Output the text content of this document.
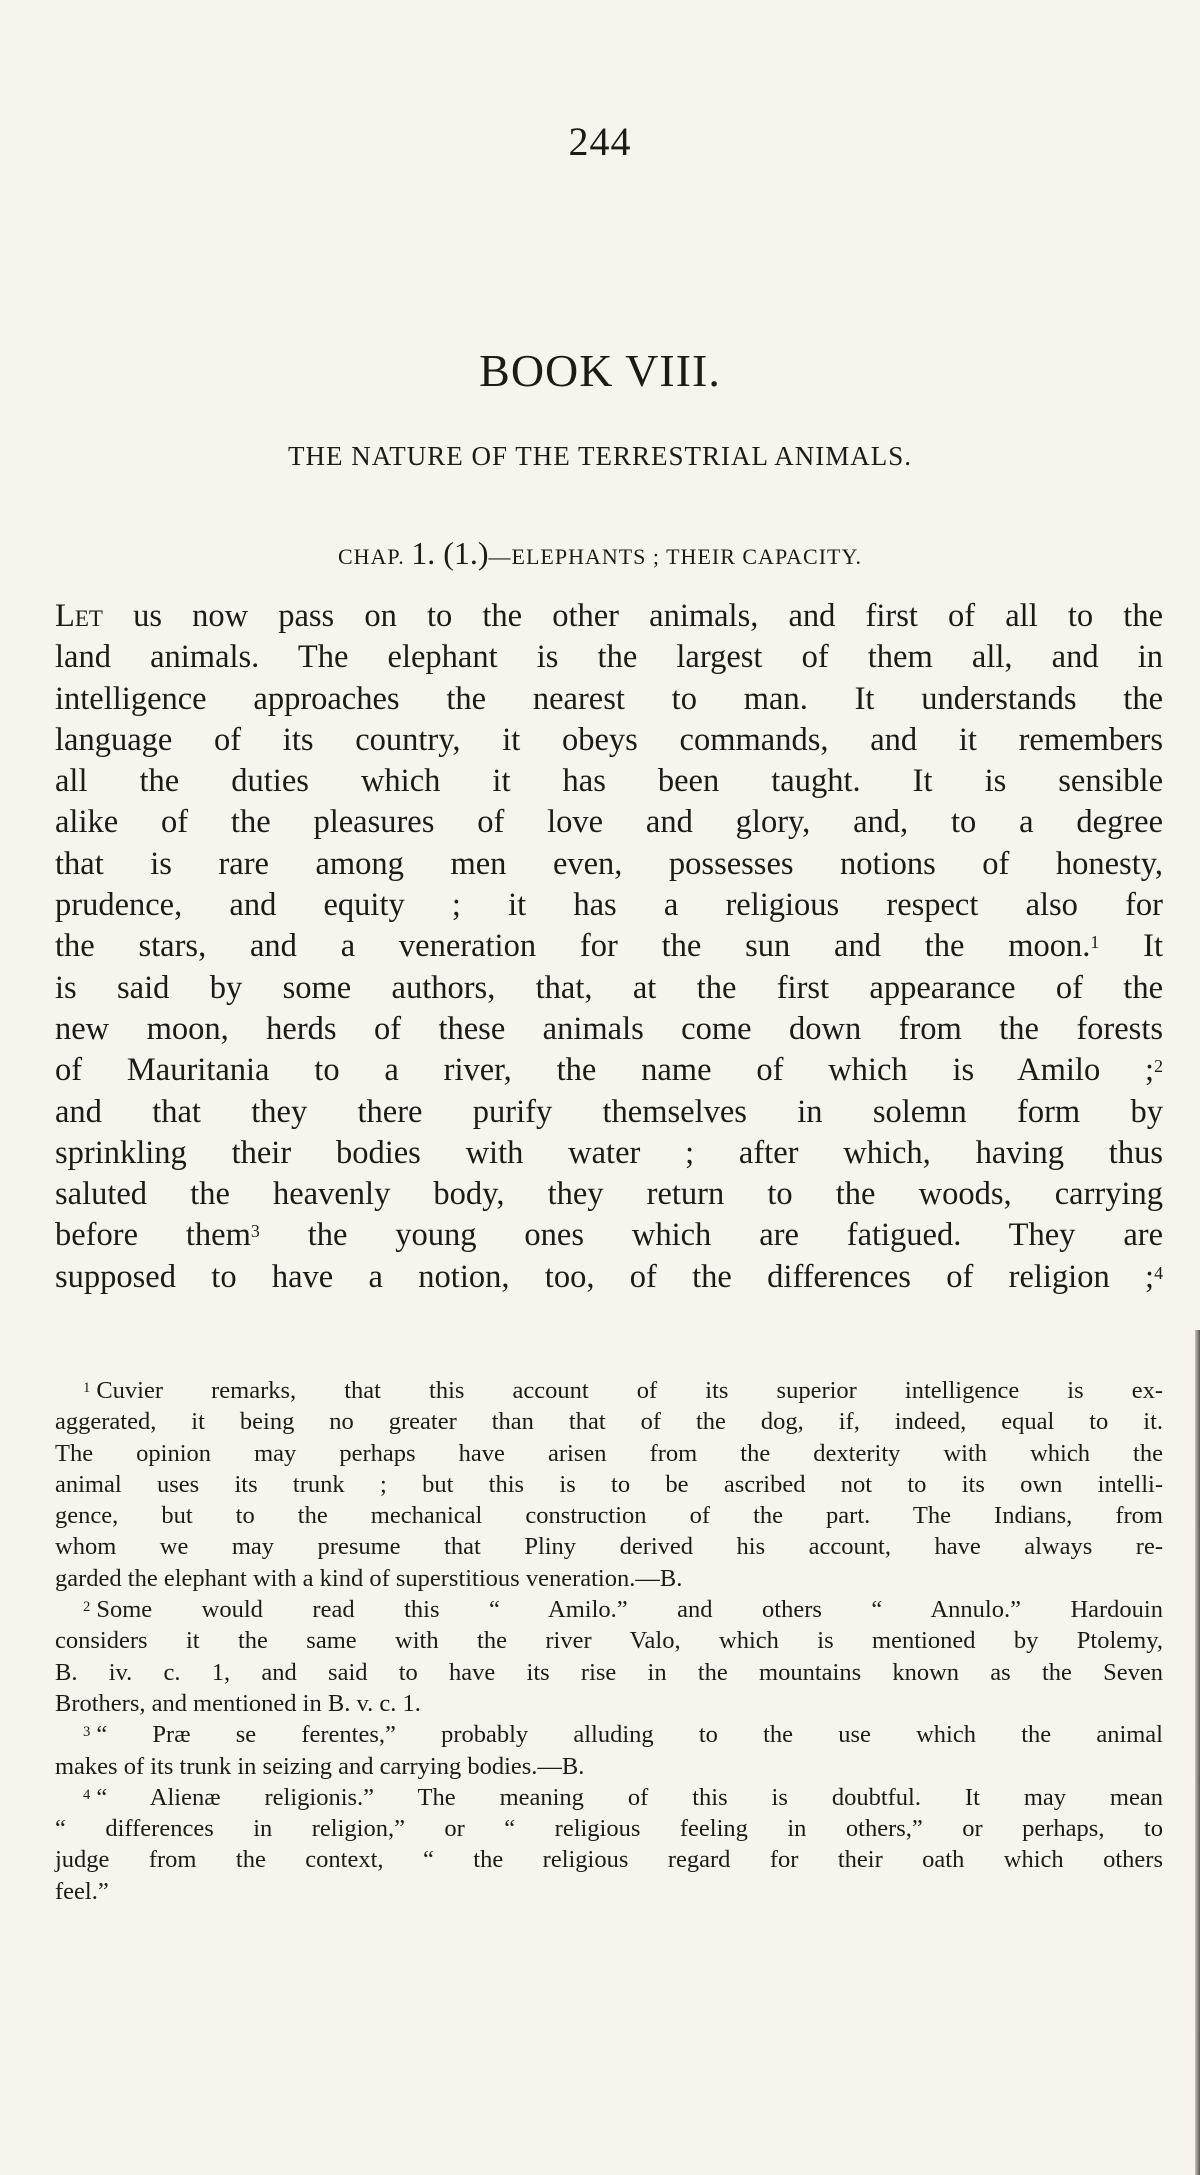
244
BOOK VIII.
THE NATURE OF THE TERRESTRIAL ANIMALS.
CHAP. 1. (1.)—ELEPHANTS ; THEIR CAPACITY.
Let us now pass on to the other animals, and first of all to the
land animals. The elephant is the largest of them all, and in
intelligence approaches the nearest to man. It understands the
language of its country, it obeys commands, and it remembers
all the duties which it has been taught. It is sensible
alike of the pleasures of love and glory, and, to a degree
that is rare among men even, possesses notions of honesty,
prudence, and equity ; it has a religious respect also for
the stars, and a veneration for the sun and the moon.$^1$ It
is said by some authors, that, at the first appearance of the
new moon, herds of these animals come down from the forests
of Mauritania to a river, the name of which is Amilo ;$^2$
and that they there purify themselves in solemn form by
sprinkling their bodies with water ; after which, having thus
saluted the heavenly body, they return to the woods, carrying
before them$^3$ the young ones which are fatigued. They are
supposed to have a notion, too, of the differences of religion ;$^4$
$^1$ Cuvier remarks, that this account of its superior intelligence is ex-
aggerated, it being no greater than that of the dog, if, indeed, equal to it.
The opinion may perhaps have arisen from the dexterity with which the
animal uses its trunk ; but this is to be ascribed not to its own intelli-
gence, but to the mechanical construction of the part. The Indians, from
whom we may presume that Pliny derived his account, have always re-
garded the elephant with a kind of superstitious veneration.—B.
$^2$ Some would read this “ Amilo.” and others “ Annulo.” Hardouin
considers it the same with the river Valo, which is mentioned by Ptolemy,
B. iv. c. 1, and said to have its rise in the mountains known as the Seven
Brothers, and mentioned in B. v. c. 1.
$^3$ “ Præ se ferentes,” probably alluding to the use which the animal
makes of its trunk in seizing and carrying bodies.—B.
$^4$ “ Alienæ religionis.” The meaning of this is doubtful. It may mean
“ differences in religion,” or “ religious feeling in others,” or perhaps, to
judge from the context, “ the religious regard for their oath which others
feel.”
